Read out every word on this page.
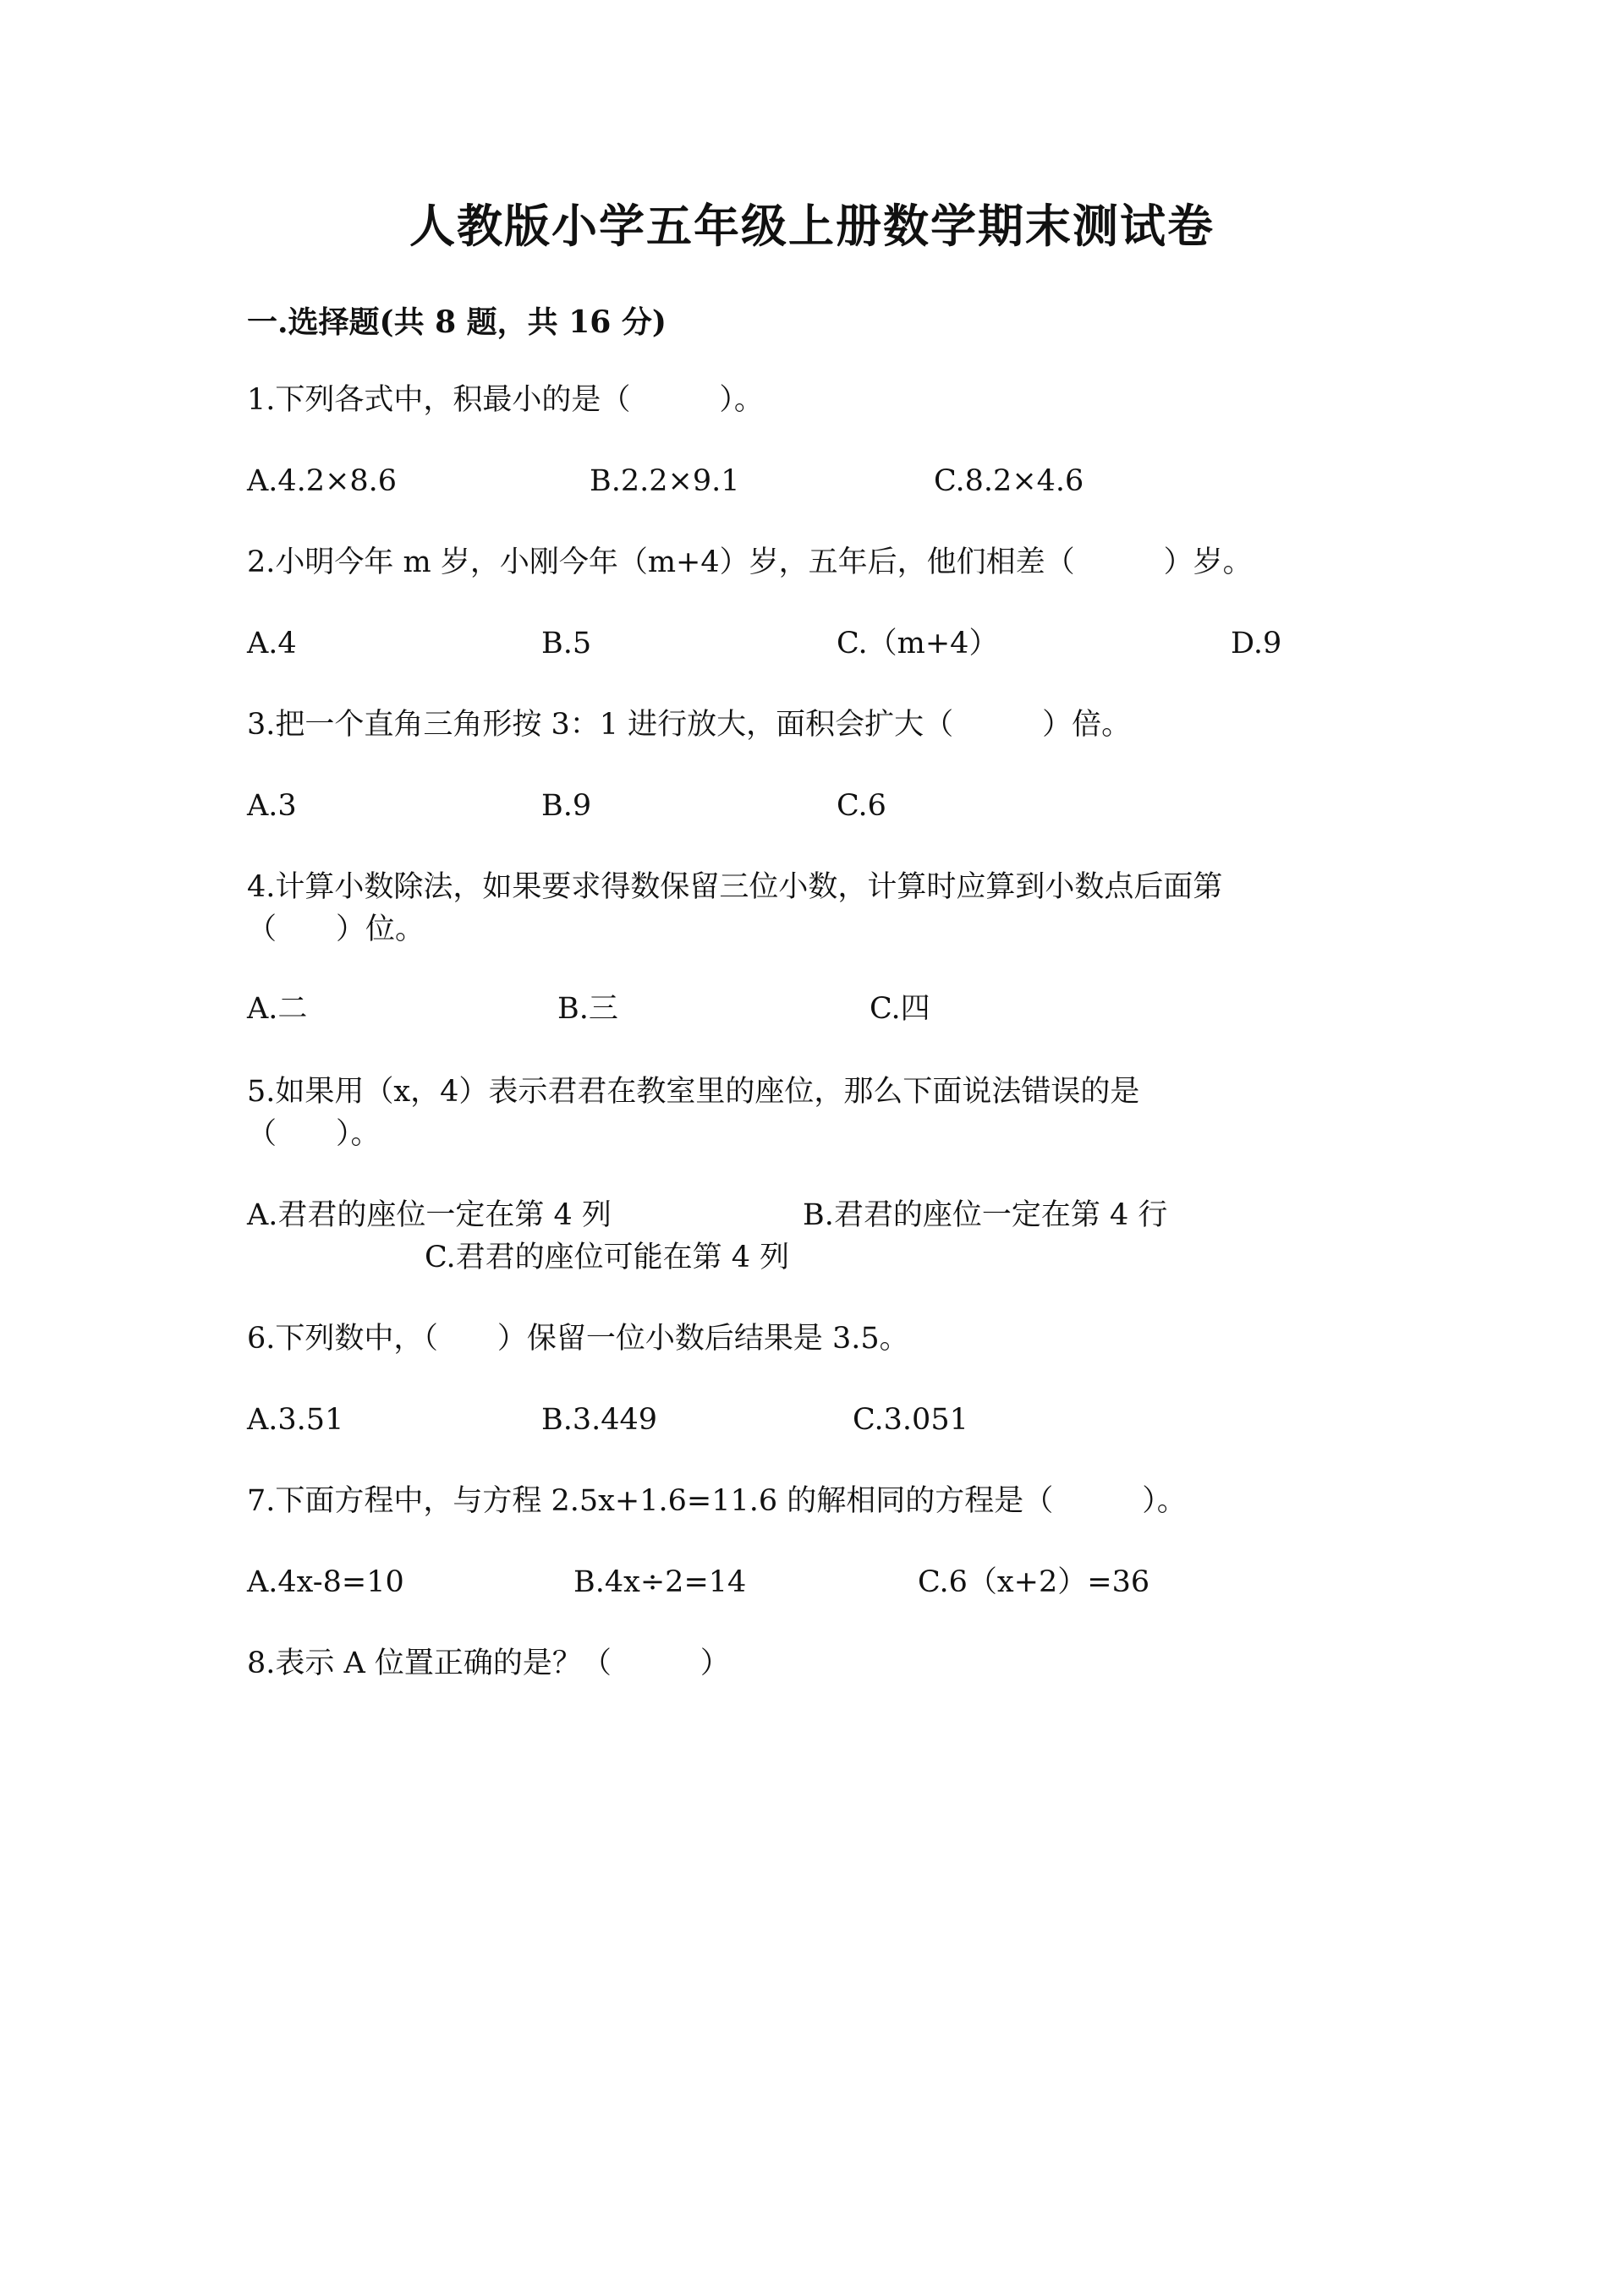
人教版小学五年级上册数学期末测试卷
一.选择题(共 8 题，共 16 分)
1.下列各式中，积最小的是（　　　）。
A.4.2×8.6	B.2.2×9.1	C.8.2×4.6
2.小明今年 m 岁，小刚今年（m+4）岁，五年后，他们相差（　　　）岁。
A.4	B.5	C.（m+4）	D.9
3.把一个直角三角形按 3：1 进行放大，面积会扩大（　　　）倍。
A.3	B.9	C.6
4.计算小数除法，如果要求得数保留三位小数，计算时应算到小数点后面第
（　　）位。
A.二	B.三	C.四
5.如果用（x，4）表示君君在教室里的座位，那么下面说法错误的是
（　　）。
A.君君的座位一定在第 4 列	B.君君的座位一定在第 4 行
C.君君的座位可能在第 4 列
6.下列数中，（　　）保留一位小数后结果是 3.5。
A.3.51	B.3.449	C.3.051
7.下面方程中，与方程 2.5x+1.6=11.6 的解相同的方程是（　　　）。
A.4x-8=10	B.4x÷2=14	C.6（x+2）=36
8.表示 A 位置正确的是？（　　　）
